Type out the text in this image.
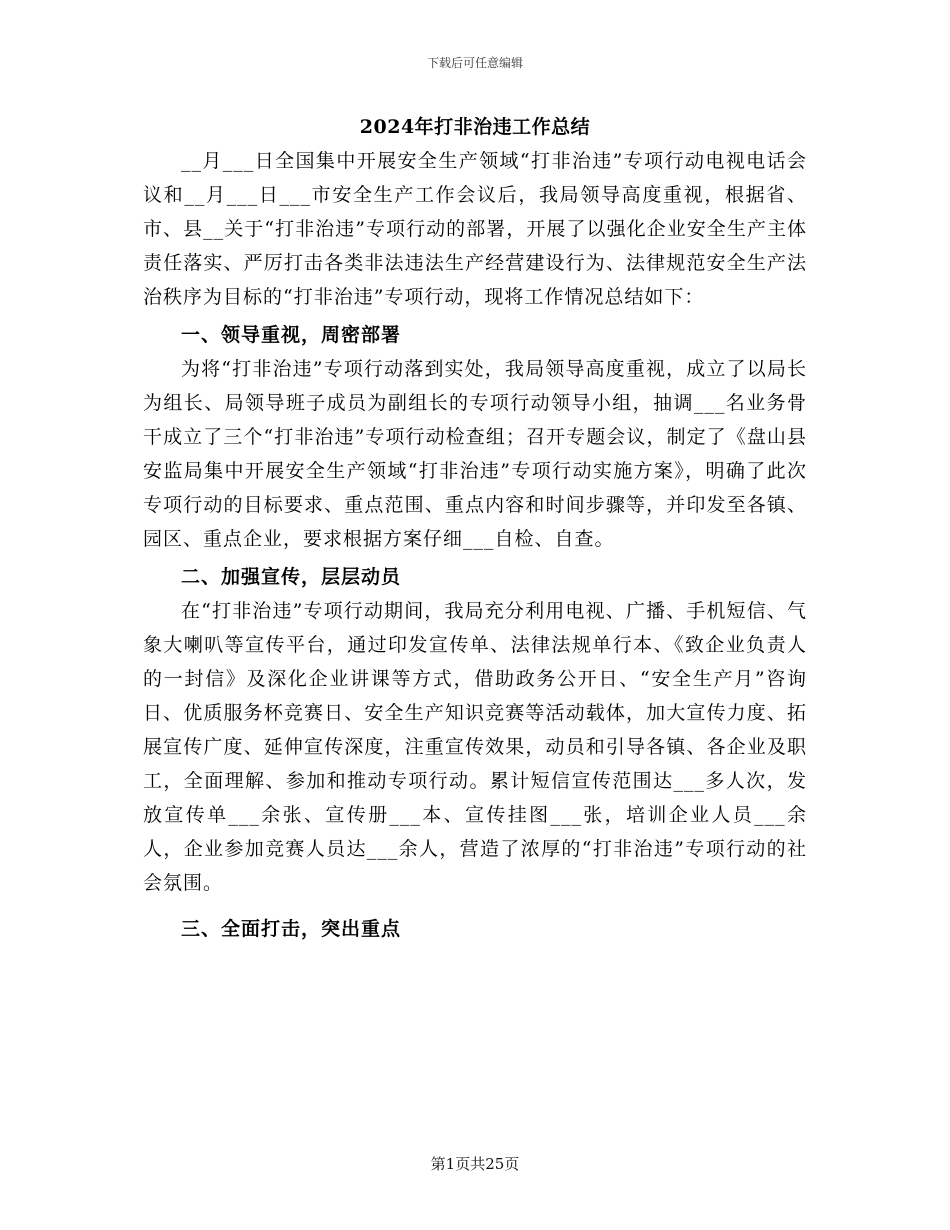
下载后可任意编辑
2024年打非治违工作总结

__月___日全国集中开展安全生产领域“打非治违”专项行动电视电话会议和__月___日___市安全生产工作会议后，我局领导高度重视，根据省、市、县__关于“打非治违”专项行动的部署，开展了以强化企业安全生产主体责任落实、严厉打击各类非法违法生产经营建设行为、法律规范安全生产法治秩序为目标的“打非治违”专项行动，现将工作情况总结如下：

一、领导重视，周密部署

为将“打非治违”专项行动落到实处，我局领导高度重视，成立了以局长为组长、局领导班子成员为副组长的专项行动领导小组，抽调___名业务骨干成立了三个“打非治违”专项行动检查组；召开专题会议，制定了《盘山县安监局集中开展安全生产领域“打非治违”专项行动实施方案》，明确了此次专项行动的目标要求、重点范围、重点内容和时间步骤等，并印发至各镇、园区、重点企业，要求根据方案仔细___自检、自查。

二、加强宣传，层层动员

在“打非治违”专项行动期间，我局充分利用电视、广播、手机短信、气象大喇叭等宣传平台，通过印发宣传单、法律法规单行本、《致企业负责人的一封信》及深化企业讲课等方式，借助政务公开日、“安全生产月”咨询日、优质服务杯竞赛日、安全生产知识竞赛等活动载体，加大宣传力度、拓展宣传广度、延伸宣传深度，注重宣传效果，动员和引导各镇、各企业及职工，全面理解、参加和推动专项行动。累计短信宣传范围达___多人次，发放宣传单___余张、宣传册___本、宣传挂图___张，培训企业人员___余人，企业参加竞赛人员达___余人，营造了浓厚的“打非治违”专项行动的社会氛围。

三、全面打击，突出重点
第1页共25页
